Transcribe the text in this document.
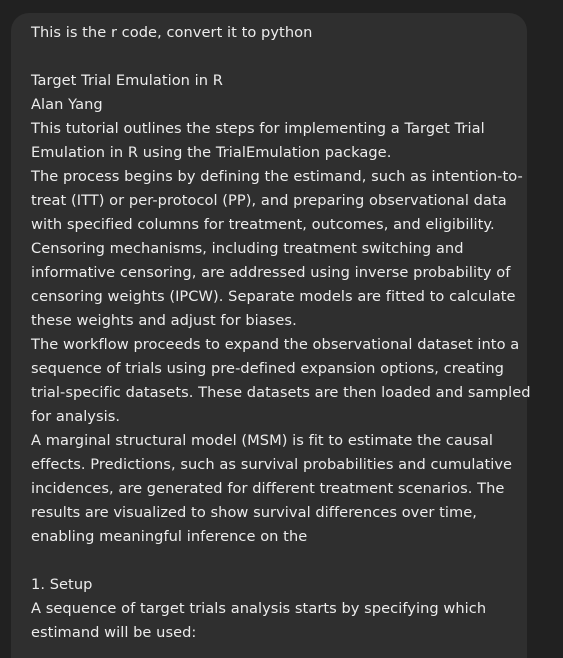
This is the r code, convert it to python
Target Trial Emulation in R
Alan Yang
This tutorial outlines the steps for implementing a Target Trial
Emulation in R using the TrialEmulation package.
The process begins by defining the estimand, such as intention-to-
treat (ITT) or per-protocol (PP), and preparing observational data
with specified columns for treatment, outcomes, and eligibility.
Censoring mechanisms, including treatment switching and
informative censoring, are addressed using inverse probability of
censoring weights (IPCW). Separate models are fitted to calculate
these weights and adjust for biases.
The workflow proceeds to expand the observational dataset into a
sequence of trials using pre-defined expansion options, creating
trial-specific datasets. These datasets are then loaded and sampled
for analysis.
A marginal structural model (MSM) is fit to estimate the causal
effects. Predictions, such as survival probabilities and cumulative
incidences, are generated for different treatment scenarios. The
results are visualized to show survival differences over time,
enabling meaningful inference on the
1. Setup
A sequence of target trials analysis starts by specifying which
estimand will be used:
